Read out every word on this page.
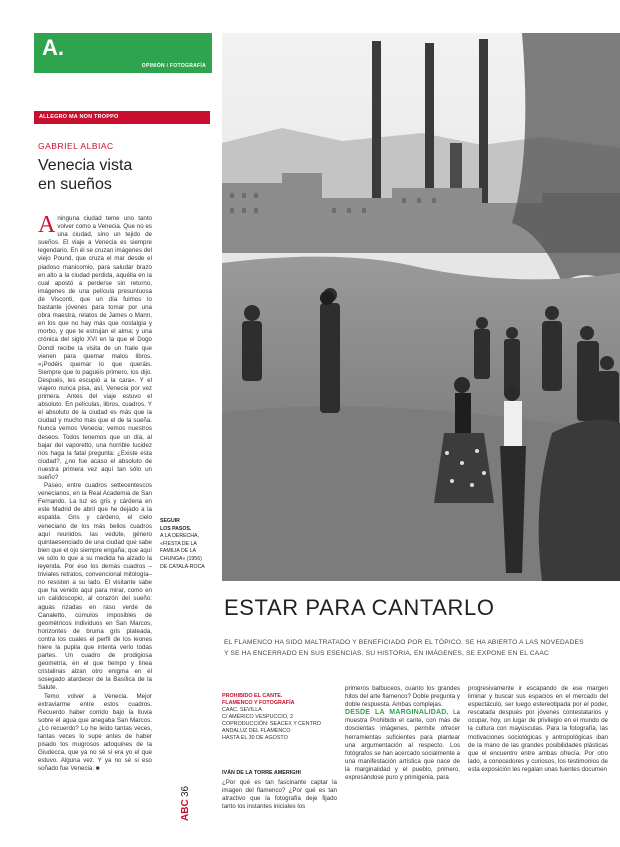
A.
OPINIÓN / FOTOGRAFÍA
ALLEGRO MA NON TROPPO
GABRIEL ALBIAC
Venecia vista
en sueños

Aninguna ciudad teme uno tanto volver como a Venecia. Que no es una ciudad, sino un tejido de sueños. El viaje a Venecia es siempre legendario. En él se cruzan imágenes del viejo Pound, que cruza el mar desde el piadoso manicomio, para saludar brazo en alto a la ciudad perdida, aquélla en la cual apostó a perderse sin retorno, imágenes de una película presuntuosa de Visconti, que un día fuimos lo bastante jóvenes para tomar por una obra maestra, relatos de James o Mann, en los que no hay más que nostalgia y morbo, y que te estrujan el alma; y una crónica del siglo XVI en la que el Dogo Dondi recibe la visita de un fraile que vienen para quemar malos libros. «¡Podéis quemar lo que queráis. Siempre que lo paguéis primero, los dijo. Después, les escupió a la cara». Y el viajero nunca pisa, así, Venecia por vez primera. Antes del viaje estuvo el absoluto. En películas, libros, cuadros. Y el absoluto de la ciudad es más que la ciudad y mucho más que el de la sueña. Nunca vemos Venecia; vemos nuestros deseos. Todos tenemos que un día, al bajar del vaporetto, una horrible lucidez nos haga la fatal pregunta: ¿Existe esta ciudad?, ¿no fue acaso el absoluto de nuestra primera vez aquí tan sólo un sueño?

Paseo, entre cuadros settecentescos venecianos, en la Real Academia de San Fernando. La luz es gris y cárdena en este Madrid de abril que he dejado a la espalda. Gris y cárdeno, el cielo veneciano de los más bellos cuadros aquí reunidos. las vedute, género quintaesenciado de una ciudad que sabe bien que el ojo siempre engaña; que aquí ve sólo lo que a su medida ha alzado la leyenda. Por eso los demás cuadros –triviales retratos, convencional mitología– no resisten a su lado. El visitante sabe que ha venido aquí para mirar, como en un calidoscopio, al corazón del sueño: aguas rizadas en raso verde de Canaletto, cúmulos imposibles de geométricos individuos en San Marcos, horizontes de bruma gris plateada, contra los cuales el perfil de los leones hiere la pupila que intenta verlo todas partes. Un cuadro de prodigiosa geometría, en el que tiempo y línea cristalinas alzan otro enigma en el sosegado atardecer de la Basílica de la Salute.

Temo volver a Venecia. Mejor extraviarme entre estos cuadros. Recuerdo haber corrido bajo la lluvia sobre el agua que anegaba San Marcos. ¿Lo recuerdo? Lo he leído tantas veces, tantas veces lo supe antes de haber pisado los mugrosos adoquines de la Giudecca, que ya no sé si era yo el que estuvo. Alguna vez. Y ya no sé si eso soñado fue Venecia. ■

SEGUIR
LOS PASOS.
A LA DERECHA,
«FIESTA DE LA
FAMILIA DE LA
CHUNGA» (1956)
DE CATALÀ-ROCA
ESTAR PARA CANTARLO
EL FLAMENCO HA SIDO MALTRATADO Y BENEFICIADO POR EL TÓPICO. SE HA ABIERTO A LAS NOVEDADES
Y SE HA ENCERRADO EN SUS ESENCIAS. SU HISTORIA, EN IMÁGENES, SE EXPONE EN EL CAAC
PROHIBIDO EL CANTE.
FLAMENCO Y FOTOGRAFÍA
CAAC. SEVILLA
C/ AMÉRICO VESPUCCIO, 2
COPRODUCCIÓN: SEACEX Y CENTRO
ANDALUZ DEL FLAMENCO
HASTA EL 30 DE AGOSTO
IVÁN DE LA TORRE AMERIGHI
¿Por qué es tan fascinante captar la imagen del flamenco? ¿Por qué es tan atractivo que la fotografía deje fijado tanto los instantes iniciales los
primeros balbuceos, cuanto los grandes hitos del arte flamenco? Doble pregunta y doble respuesta. Ambas complejas.
DESDE LA MARGINALIDAD. La muestra Prohibido el cante, con más de doscientas imágenes, permite ofrecer herramientas suficientes para plantear una argumentación al respecto. Los fotógrafos se han acercado socialmente a una manifestación artística que nace de la marginalidad y el pueblo, primero, expresándose puro y primigenia, para
progresivamente ir escapando de ese margen liminar y buscar sus espacios en el mercado del espectáculo, ser luego estereotipada por el poder, rescatada después por jóvenes contestatarios y ocupar, hoy, un lugar de privilegio en el mundo de la cultura con mayúsculas. Para la fotografía, las motivaciones sociológicas y antropológicas iban de la mano de las grandes posibilidades plásticas que el encuentro entre ambas ofrecía. Por otro lado, a conocedores y curiosos, los testimonios de esta exposición les regalan unas fuentes documen
ABC
36
